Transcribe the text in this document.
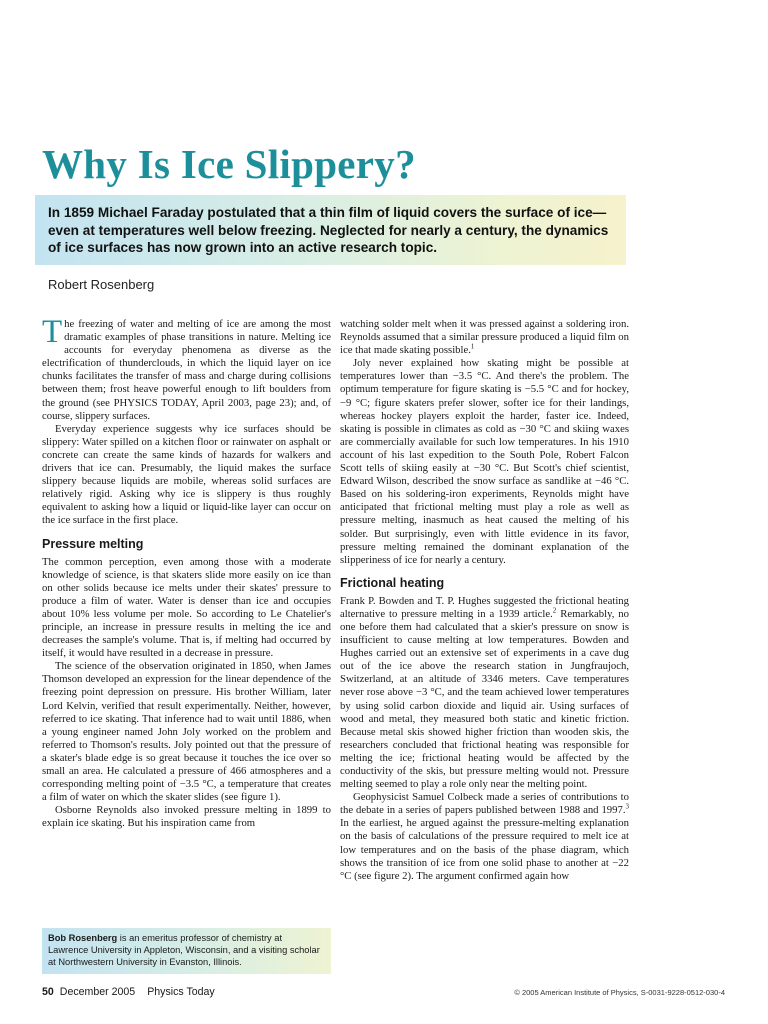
Why Is Ice Slippery?

In 1859 Michael Faraday postulated that a thin film of liquid covers the surface of ice—even at temperatures well below freezing. Neglected for nearly a century, the dynamics of ice surfaces has now grown into an active research topic.

Robert Rosenberg

The freezing of water and melting of ice are among the most dramatic examples of phase transitions in nature. Melting ice accounts for everyday phenomena as diverse as the electrification of thunderclouds, in which the liquid layer on ice chunks facilitates the transfer of mass and charge during collisions between them; frost heave powerful enough to lift boulders from the ground (see PHYSICS TODAY, April 2003, page 23); and, of course, slippery surfaces.

Everyday experience suggests why ice surfaces should be slippery: Water spilled on a kitchen floor or rainwater on asphalt or concrete can create the same kinds of hazards for walkers and drivers that ice can. Presumably, the liquid makes the surface slippery because liquids are mobile, whereas solid surfaces are relatively rigid. Asking why ice is slippery is thus roughly equivalent to asking how a liquid or liquid-like layer can occur on the ice surface in the first place.

Pressure melting

The common perception, even among those with a moderate knowledge of science, is that skaters slide more easily on ice than on other solids because ice melts under their skates' pressure to produce a film of water. Water is denser than ice and occupies about 10% less volume per mole. So according to Le Chatelier's principle, an increase in pressure results in melting the ice and decreases the sample's volume. That is, if melting had occurred by itself, it would have resulted in a decrease in pressure.

The science of the observation originated in 1850, when James Thomson developed an expression for the linear dependence of the freezing point depression on pressure. His brother William, later Lord Kelvin, verified that result experimentally. Neither, however, referred to ice skating. That inference had to wait until 1886, when a young engineer named John Joly worked on the problem and referred to Thomson's results. Joly pointed out that the pressure of a skater's blade edge is so great because it touches the ice over so small an area. He calculated a pressure of 466 atmospheres and a corresponding melting point of −3.5 °C, a temperature that creates a film of water on which the skater slides (see figure 1).

Osborne Reynolds also invoked pressure melting in 1899 to explain ice skating. But his inspiration came from

watching solder melt when it was pressed against a soldering iron. Reynolds assumed that a similar pressure produced a liquid film on ice that made skating possible.$^1$

Joly never explained how skating might be possible at temperatures lower than −3.5 °C. And there's the problem. The optimum temperature for figure skating is −5.5 °C and for hockey, −9 °C; figure skaters prefer slower, softer ice for their landings, whereas hockey players exploit the harder, faster ice. Indeed, skating is possible in climates as cold as −30 °C and skiing waxes are commercially available for such low temperatures. In his 1910 account of his last expedition to the South Pole, Robert Falcon Scott tells of skiing easily at −30 °C. But Scott's chief scientist, Edward Wilson, described the snow surface as sandlike at −46 °C. Based on his soldering-iron experiments, Reynolds might have anticipated that frictional melting must play a role as well as pressure melting, inasmuch as heat caused the melting of his solder. But surprisingly, even with little evidence in its favor, pressure melting remained the dominant explanation of the slipperiness of ice for nearly a century.

Frictional heating

Frank P. Bowden and T. P. Hughes suggested the frictional heating alternative to pressure melting in a 1939 article.$^2$ Remarkably, no one before them had calculated that a skier's pressure on snow is insufficient to cause melting at low temperatures. Bowden and Hughes carried out an extensive set of experiments in a cave dug out of the ice above the research station in Jungfraujoch, Switzerland, at an altitude of 3346 meters. Cave temperatures never rose above −3 °C, and the team achieved lower temperatures by using solid carbon dioxide and liquid air. Using surfaces of wood and metal, they measured both static and kinetic friction. Because metal skis showed higher friction than wooden skis, the researchers concluded that frictional heating was responsible for melting the ice; frictional heating would be affected by the conductivity of the skis, but pressure melting would not. Pressure melting seemed to play a role only near the melting point.

Geophysicist Samuel Colbeck made a series of contributions to the debate in a series of papers published between 1988 and 1997.$^3$ In the earliest, he argued against the pressure-melting explanation on the basis of calculations of the pressure required to melt ice at low temperatures and on the basis of the phase diagram, which shows the transition of ice from one solid phase to another at −22 °C (see figure 2). The argument confirmed again how

Bob Rosenberg is an emeritus professor of chemistry at Lawrence University in Appleton, Wisconsin, and a visiting scholar at Northwestern University in Evanston, Illinois.

50 December 2005 Physics Today	© 2005 American Institute of Physics, S-0031-9228-0512-030-4
